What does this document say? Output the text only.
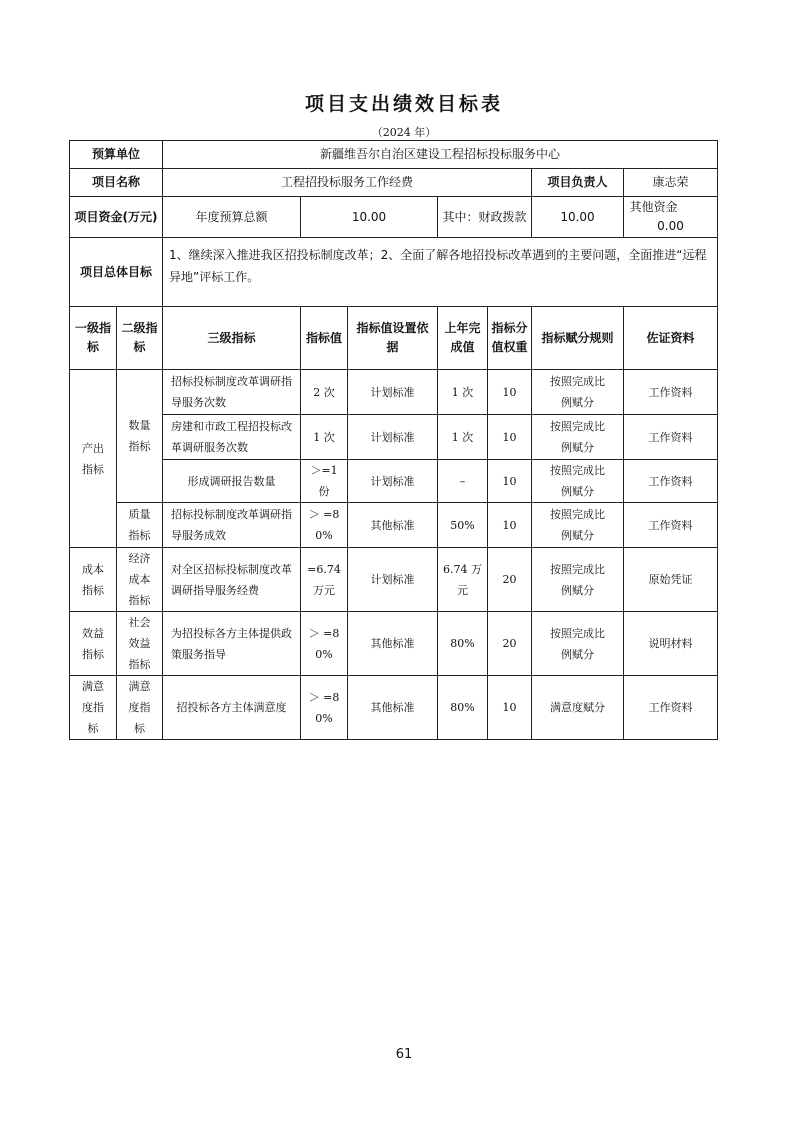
项目支出绩效目标表
（2024 年）
预算单位		新疆维吾尔自治区建设工程招标投标服务中心						
项目名称		工程招投标服务工作经费					项目负责人	康志荣
项目资金(万元)		年度预算总额	10.00		其中：财政拨款		10.00	其他资金  0.00
项目总体目标		1、继续深入推进我区招投标制度改革；2、全面了解各地招投标改革遇到的主要问题，全面推进“远程异地”评标工作。						
一级指标	二级指标	三级指标	指标值	指标值设置依据	上年完成值	指标分值权重	指标赋分规则	佐证资料
产出指标	数量指标	招标投标制度改革调研指导服务次数	2 次	计划标准	1 次	10	按照完成比例赋分	工作资料
		房建和市政工程招投标改革调研服务次数	1 次	计划标准	1 次	10	按照完成比例赋分	工作资料
		形成调研报告数量	＞=1 份	计划标准	–	10	按照完成比例赋分	工作资料
	质量指标	招标投标制度改革调研指导服务成效	＞ =80%	其他标准	50%	10	按照完成比例赋分	工作资料
成本指标	经济成本指标	对全区招标投标制度改革调研指导服务经费	=6.74 万元	计划标准	6.74 万元	20	按照完成比例赋分	原始凭证
效益指标	社会效益指标	为招投标各方主体提供政策服务指导	＞ =80%	其他标准	80%	20	按照完成比例赋分	说明材料
满意度指标	满意度指标	招投标各方主体满意度	＞ =80%	其他标准	80%	10	满意度赋分	工作资料
61
